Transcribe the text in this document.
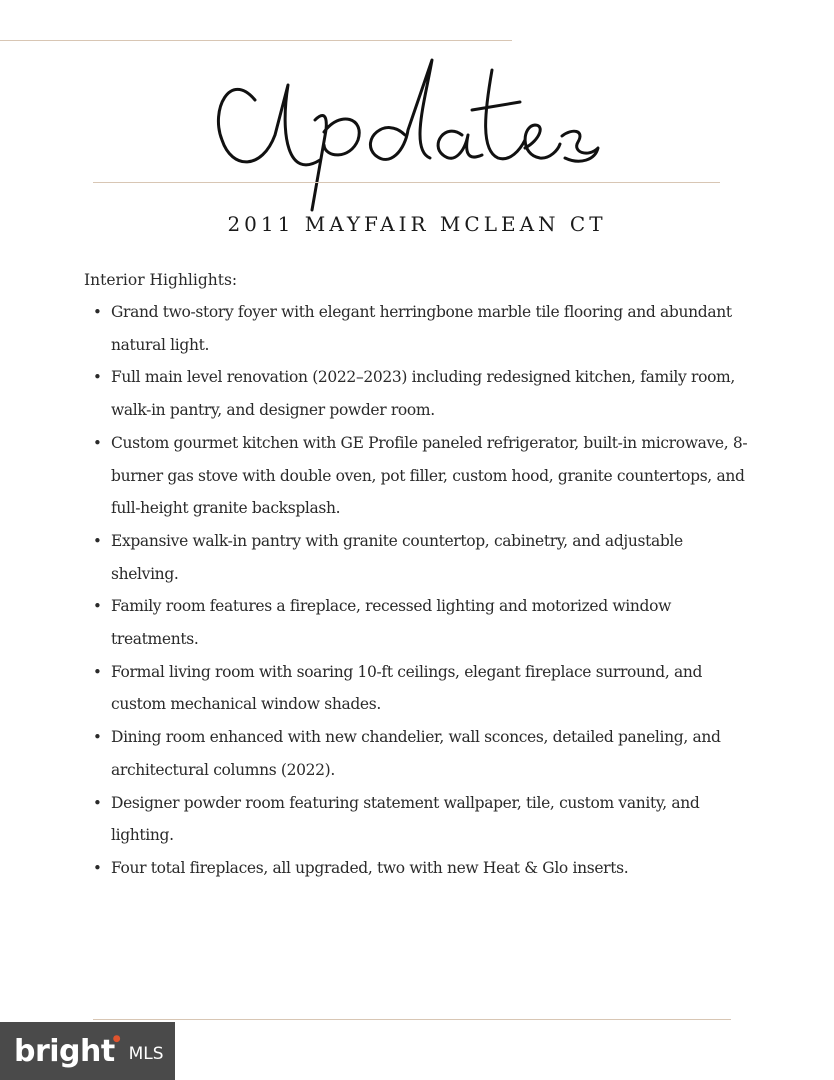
2011 MAYFAIR MCLEAN CT

Interior Highlights:

• Grand two-story foyer with elegant herringbone marble tile flooring and abundant natural light.
• Full main level renovation (2022–2023) including redesigned kitchen, family room, walk-in pantry, and designer powder room.
• Custom gourmet kitchen with GE Profile paneled refrigerator, built-in microwave, 8-burner gas stove with double oven, pot filler, custom hood, granite countertops, and full-height granite backsplash.
• Expansive walk-in pantry with granite countertop, cabinetry, and adjustable shelving.
• Family room features a fireplace, recessed lighting and motorized window treatments.
• Formal living room with soaring 10-ft ceilings, elegant fireplace surround, and custom mechanical window shades.
• Dining room enhanced with new chandelier, wall sconces, detailed paneling, and architectural columns (2022).
• Designer powder room featuring statement wallpaper, tile, custom vanity, and lighting.
• Four total fireplaces, all upgraded, two with new Heat & Glo inserts.
bright
●
MLS
